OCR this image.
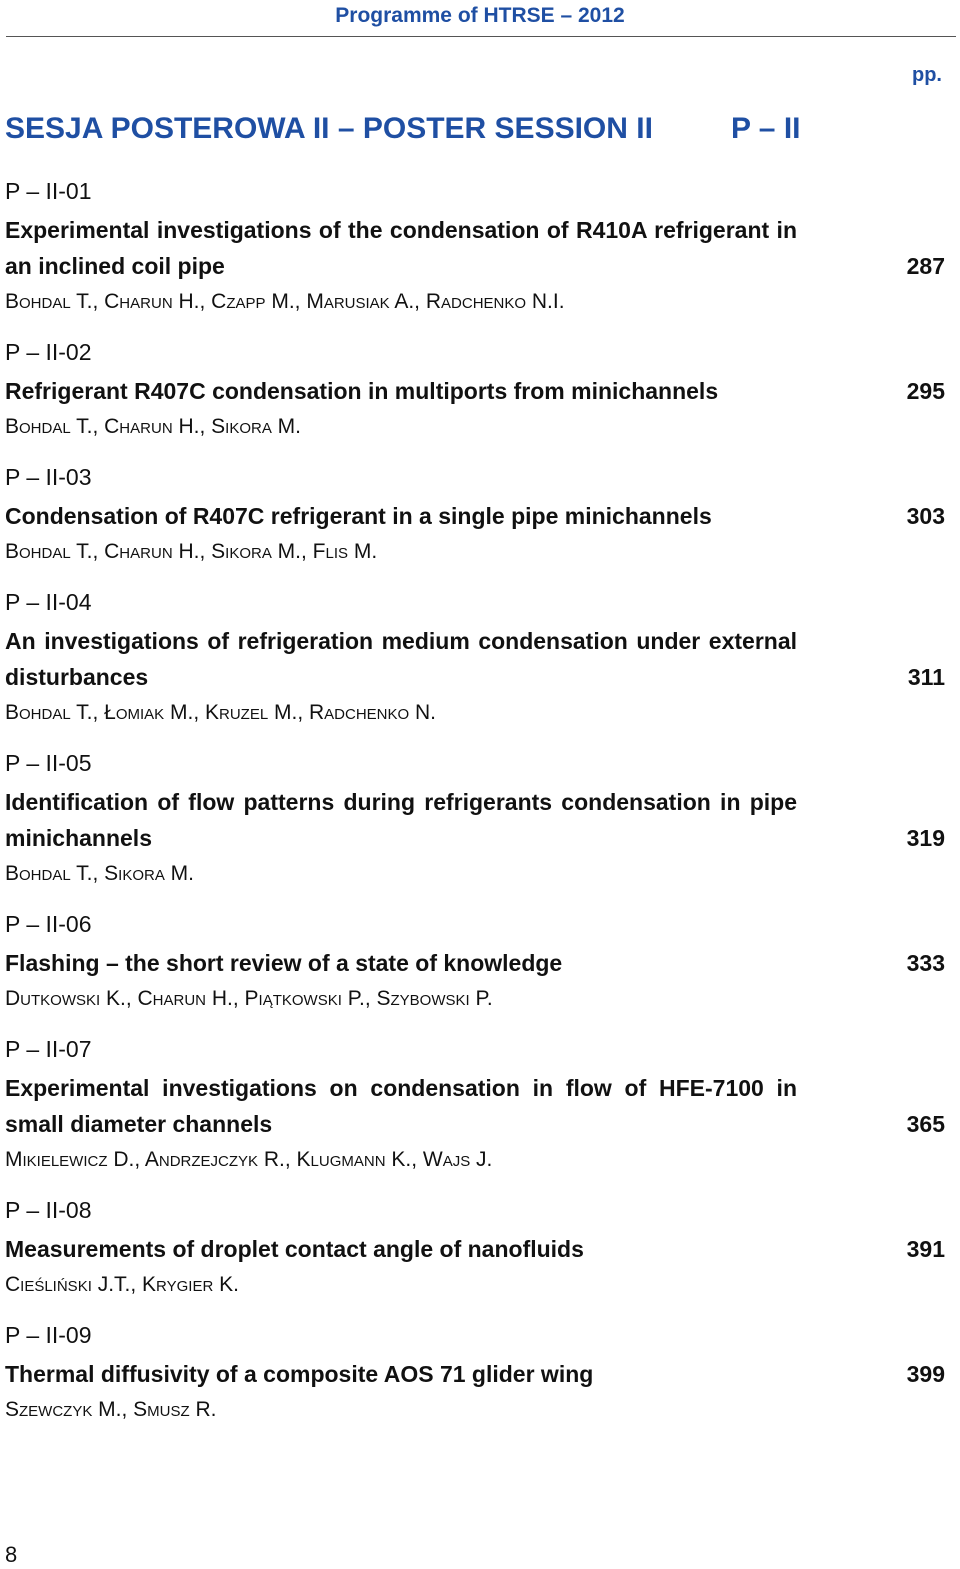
Programme of HTRSE – 2012
pp.
SESJA POSTEROWA II – POSTER SESSION II	P – II
P – II-01
Experimental investigations of the condensation of R410A refrigerant in an inclined coil pipe	287
Bohdal T., Charun H., Czapp M., Marusiak A., Radchenko N.I.
P – II-02
Refrigerant R407C condensation in multiports from minichannels	295
Bohdal T., Charun H., Sikora M.
P – II-03
Condensation of R407C refrigerant in a single pipe minichannels	303
Bohdal T., Charun H., Sikora M., Flis M.
P – II-04
An investigations of refrigeration medium condensation under external disturbances	311
Bohdal T., Łomiak M., Kruzel M., Radchenko N.
P – II-05
Identification of flow patterns during refrigerants condensation in pipe minichannels	319
Bohdal T., Sikora M.
P – II-06
Flashing – the short review of a state of knowledge	333
Dutkowski K., Charun H., Piątkowski P., Szybowski P.
P – II-07
Experimental investigations on condensation in flow of HFE-7100 in small diameter channels	365
Mikielewicz D., Andrzejczyk R., Klugmann K., Wajs J.
P – II-08
Measurements of droplet contact angle of nanofluids	391
Cieśliński J.T., Krygier K.
P – II-09
Thermal diffusivity of a composite AOS 71 glider wing	399
Szewczyk M., Smusz R.
8
